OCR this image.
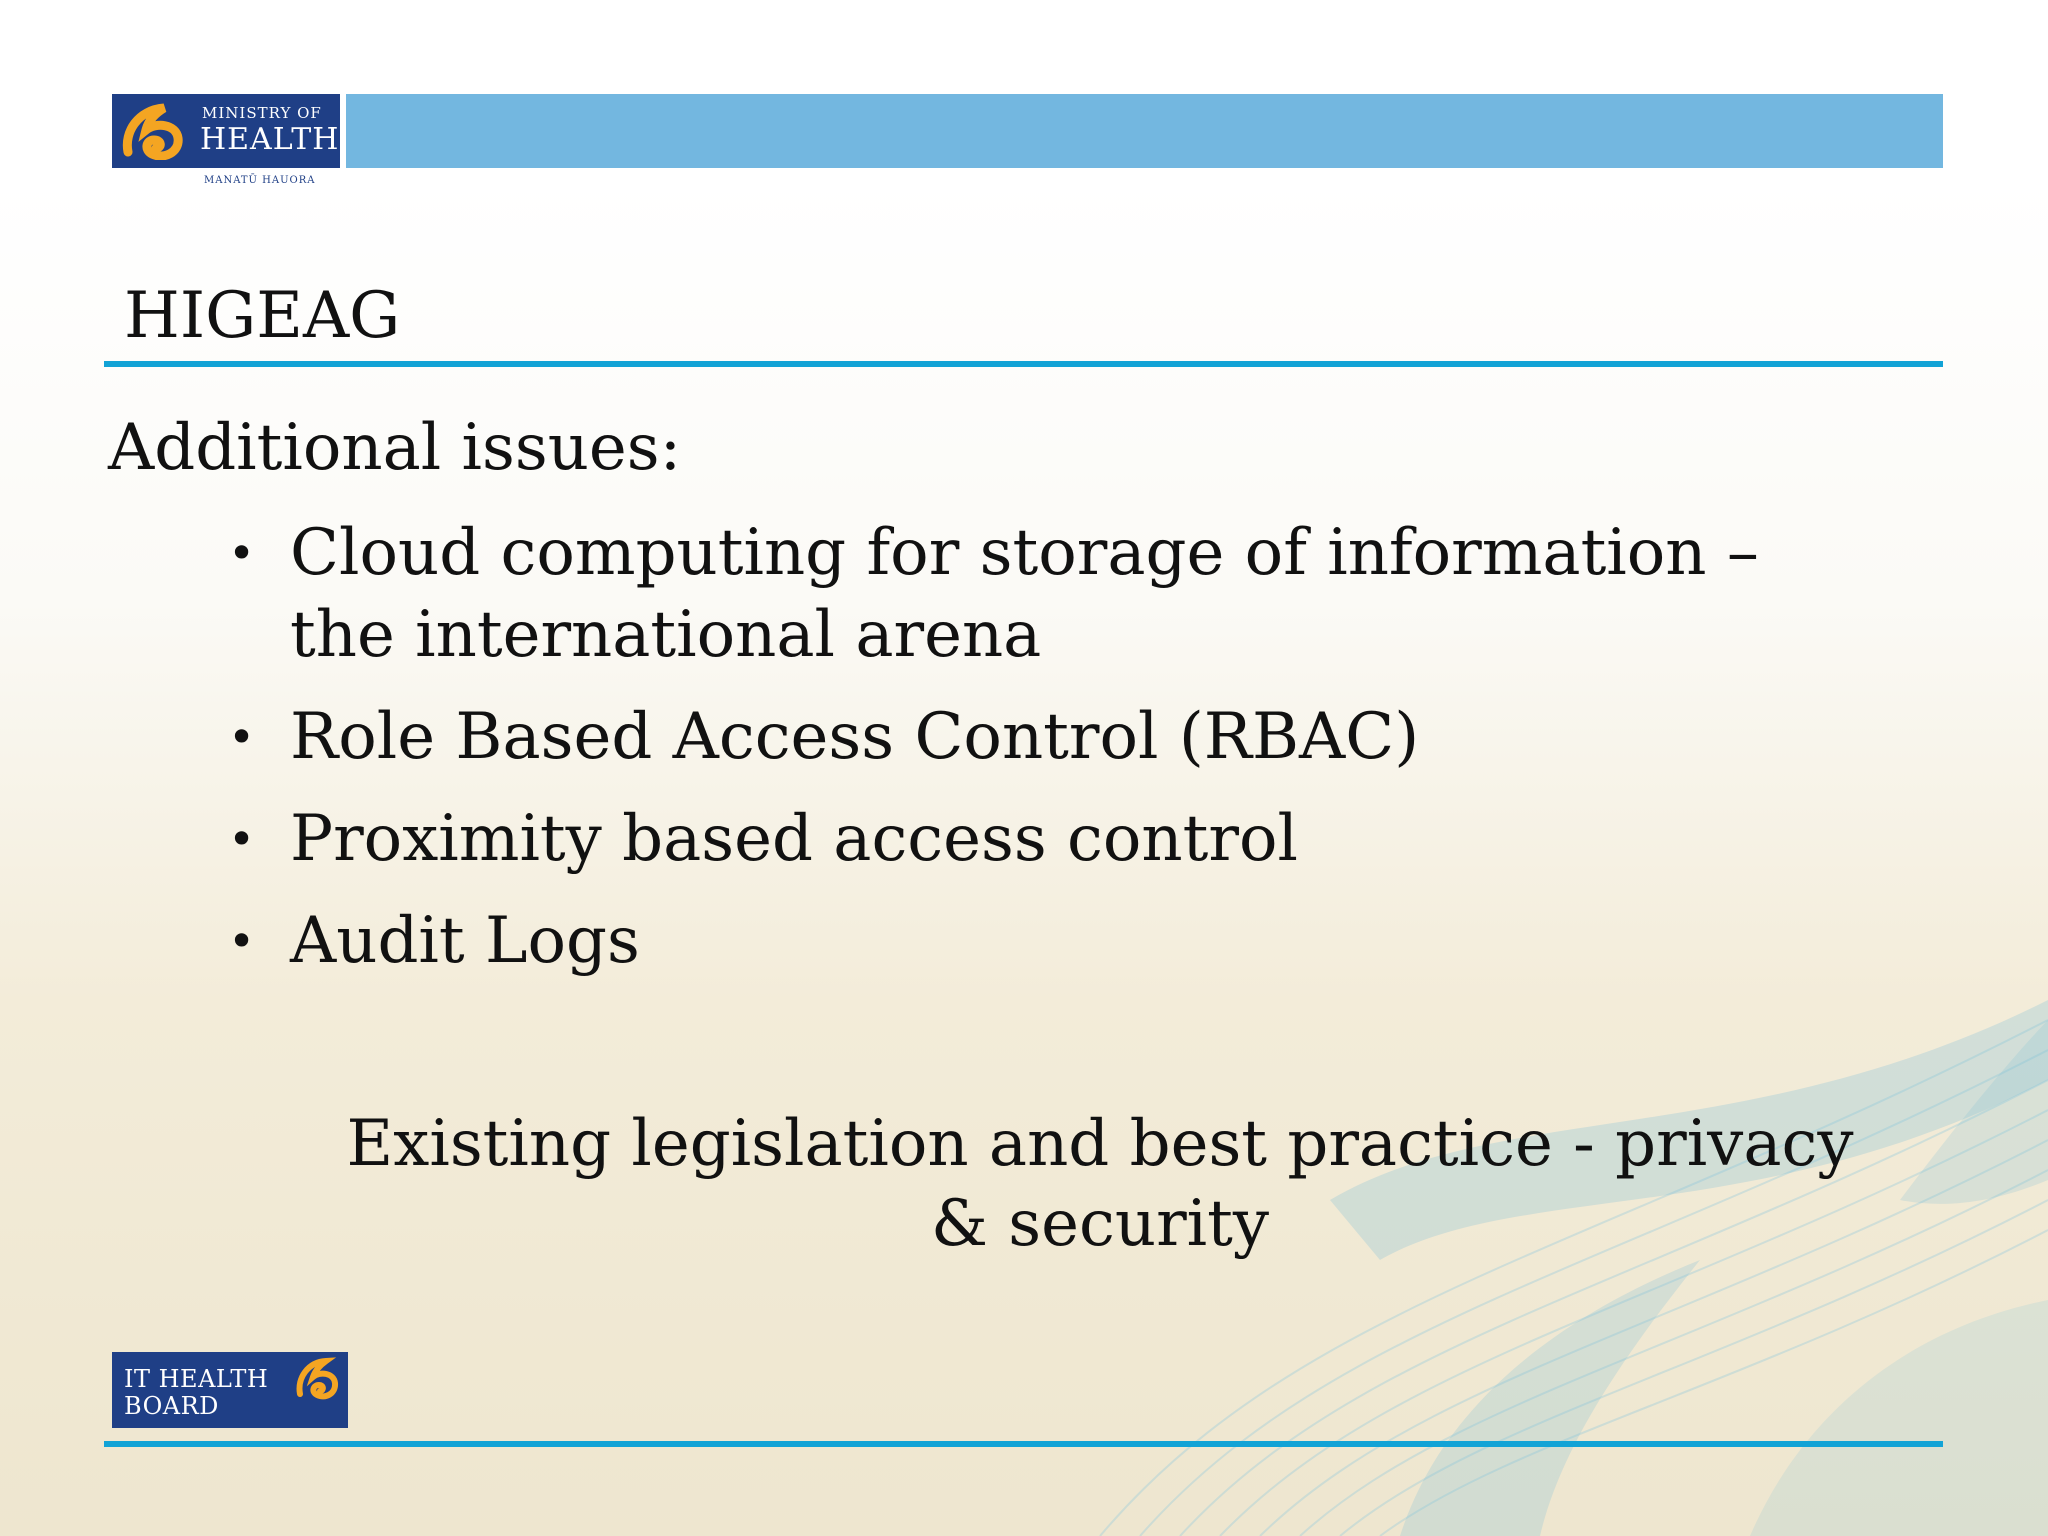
MINISTRY OF
HEALTH
MANATŪ HAUORA
HIGEAG
Additional issues:
• Cloud computing for storage of information – the international arena
• Role Based Access Control (RBAC)
• Proximity based access control
• Audit Logs
Existing legislation and best practice - privacy & security
IT HEALTH
BOARD
